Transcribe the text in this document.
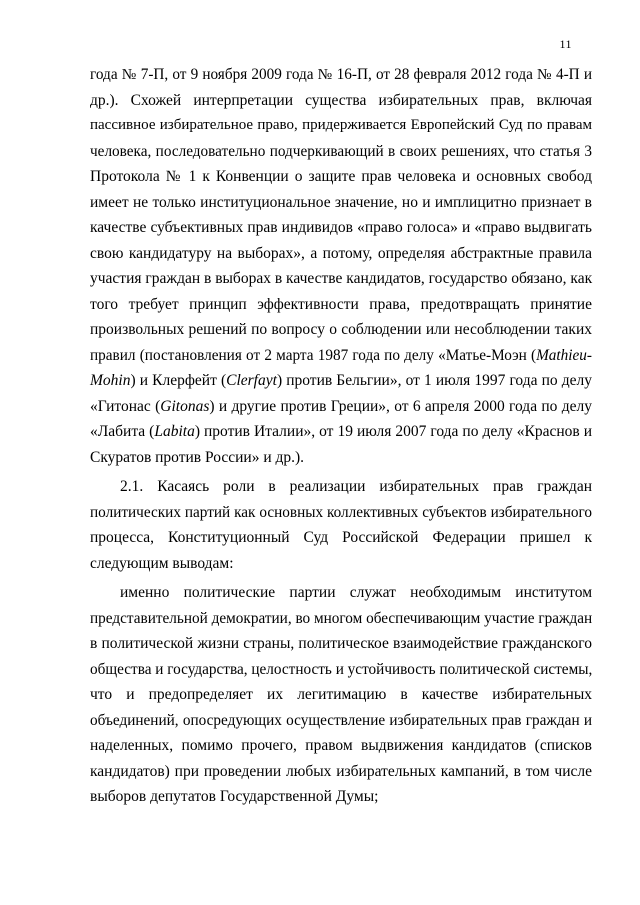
11
года № 7-П, от 9 ноября 2009 года № 16-П, от 28 февраля 2012 года № 4-П и
др.). Схожей интерпретации существа избирательных прав, включая
пассивное избирательное право, придерживается Европейский Суд по правам
человека, последовательно подчеркивающий в своих решениях, что статья 3
Протокола № 1 к Конвенции о защите прав человека и основных свобод
имеет не только институциональное значение, но и имплицитно признает в
качестве субъективных прав индивидов «право голоса» и «право выдвигать
свою кандидатуру на выборах», а потому, определяя абстрактные правила
участия граждан в выборах в качестве кандидатов, государство обязано, как
того требует принцип эффективности права, предотвращать принятие
произвольных решений по вопросу о соблюдении или несоблюдении таких
правил (постановления от 2 марта 1987 года по делу «Матье-Моэн (Mathieu-
Mohin) и Клерфейт (Clerfayt) против Бельгии», от 1 июля 1997 года по делу
«Гитонас (Gitonas) и другие против Греции», от 6 апреля 2000 года по делу
«Лабита (Labita) против Италии», от 19 июля 2007 года по делу «Краснов и
Скуратов против России» и др.).
2.1. Касаясь роли в реализации избирательных прав граждан
политических партий как основных коллективных субъектов избирательного
процесса, Конституционный Суд Российской Федерации пришел к
следующим выводам:
именно политические партии служат необходимым институтом
представительной демократии, во многом обеспечивающим участие граждан
в политической жизни страны, политическое взаимодействие гражданского
общества и государства, целостность и устойчивость политической системы,
что и предопределяет их легитимацию в качестве избирательных
объединений, опосредующих осуществление избирательных прав граждан и
наделенных, помимо прочего, правом выдвижения кандидатов (списков
кандидатов) при проведении любых избирательных кампаний, в том числе
выборов депутатов Государственной Думы;
